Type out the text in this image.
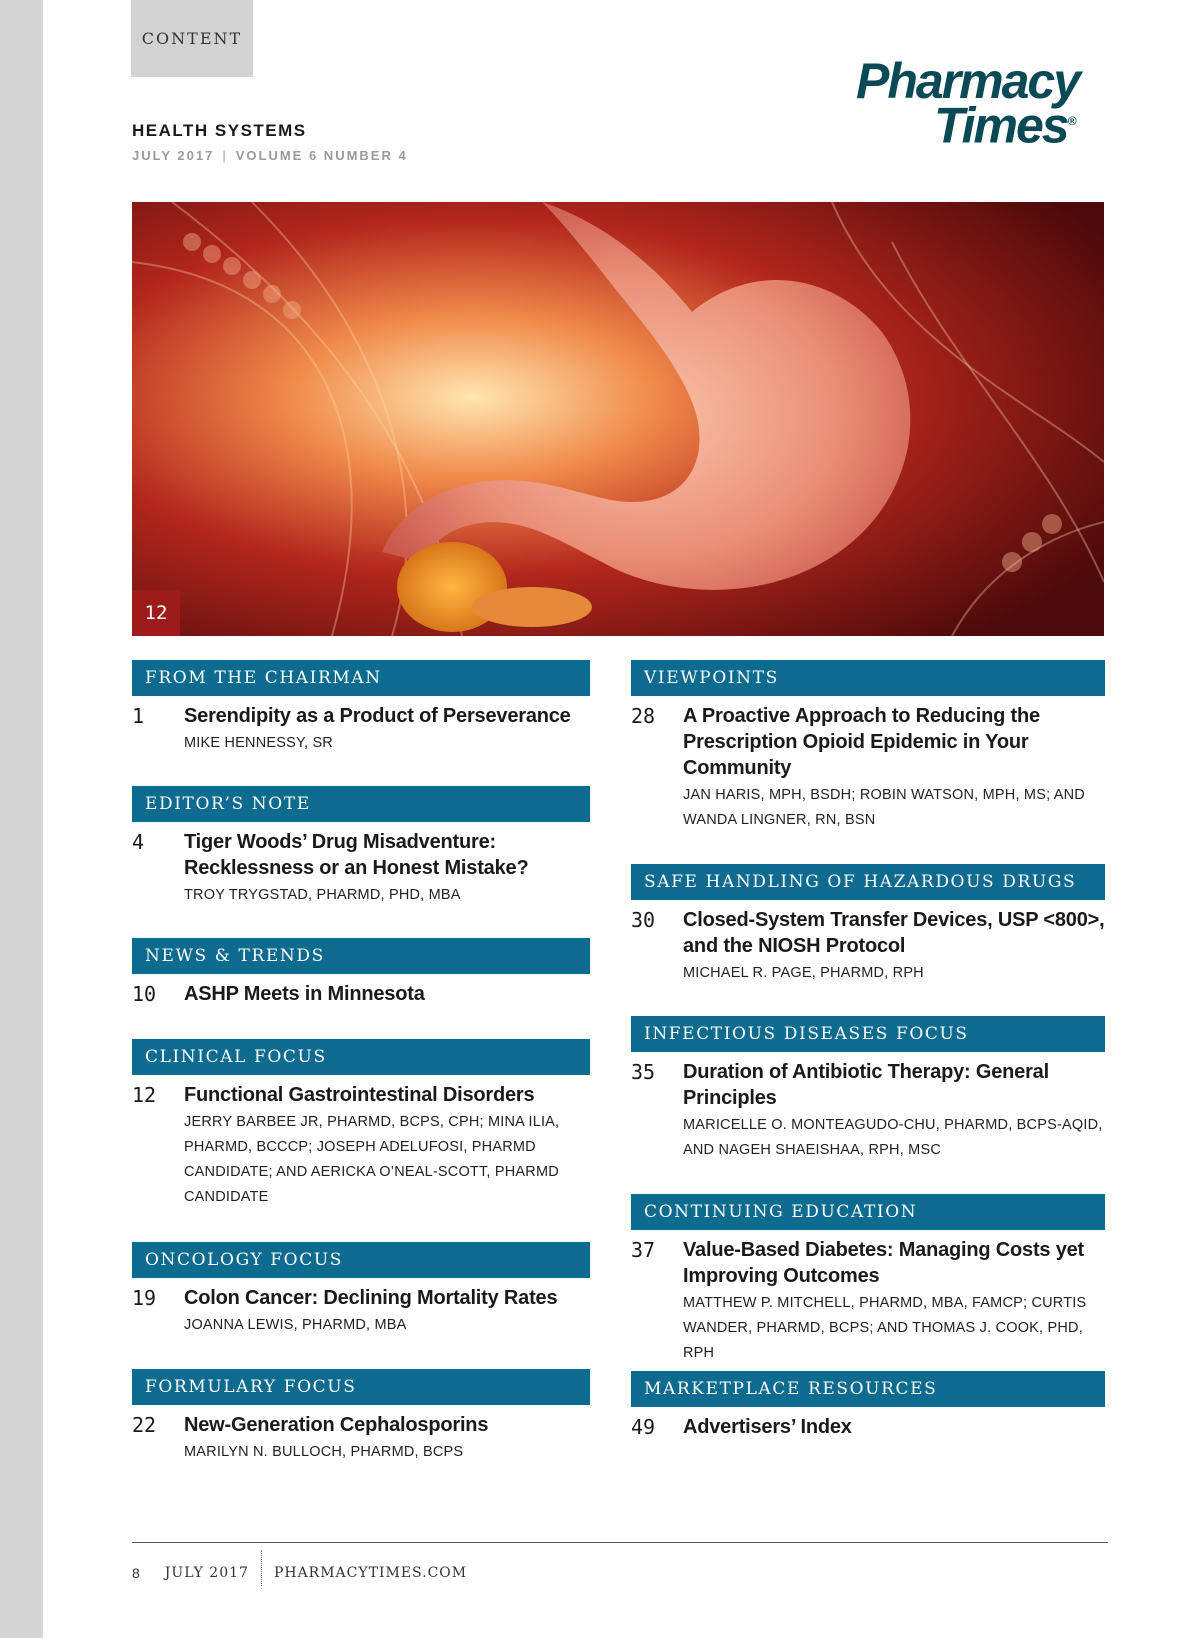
CONTENT
Pharmacy
Times®
HEALTH SYSTEMS
JULY 2017 | VOLUME 6 NUMBER 4
12
FROM THE CHAIRMAN
1	Serendipity as a Product of Perseverance
MIKE HENNESSY, SR
EDITOR’S NOTE
4	Tiger Woods’ Drug Misadventure: Recklessness or an Honest Mistake?
TROY TRYGSTAD, PHARMD, PHD, MBA
NEWS & TRENDS
10	ASHP Meets in Minnesota
CLINICAL FOCUS
12	Functional Gastrointestinal Disorders
JERRY BARBEE JR, PHARMD, BCPS, CPH; MINA ILIA, PHARMD, BCCCP; JOSEPH ADELUFOSI, PHARMD CANDIDATE; AND AERICKA O’NEAL-SCOTT, PHARMD CANDIDATE
ONCOLOGY FOCUS
19	Colon Cancer: Declining Mortality Rates
JOANNA LEWIS, PHARMD, MBA
FORMULARY FOCUS
22	New-Generation Cephalosporins
MARILYN N. BULLOCH, PHARMD, BCPS
VIEWPOINTS
28	A Proactive Approach to Reducing the Prescription Opioid Epidemic in Your Community
JAN HARIS, MPH, BSDH; ROBIN WATSON, MPH, MS; AND WANDA LINGNER, RN, BSN
SAFE HANDLING OF HAZARDOUS DRUGS
30	Closed-System Transfer Devices, USP <800>, and the NIOSH Protocol
MICHAEL R. PAGE, PHARMD, RPH
INFECTIOUS DISEASES FOCUS
35	Duration of Antibiotic Therapy: General Principles
MARICELLE O. MONTEAGUDO-CHU, PHARMD, BCPS-AQID, AND NAGEH SHAEISHAA, RPH, MSC
CONTINUING EDUCATION
37	Value-Based Diabetes: Managing Costs yet Improving Outcomes
MATTHEW P. MITCHELL, PHARMD, MBA, FAMCP; CURTIS WANDER, PHARMD, BCPS; AND THOMAS J. COOK, PHD, RPH
MARKETPLACE RESOURCES
49	Advertisers’ Index
8 JULY 2017	PHARMACYTIMES.COM
